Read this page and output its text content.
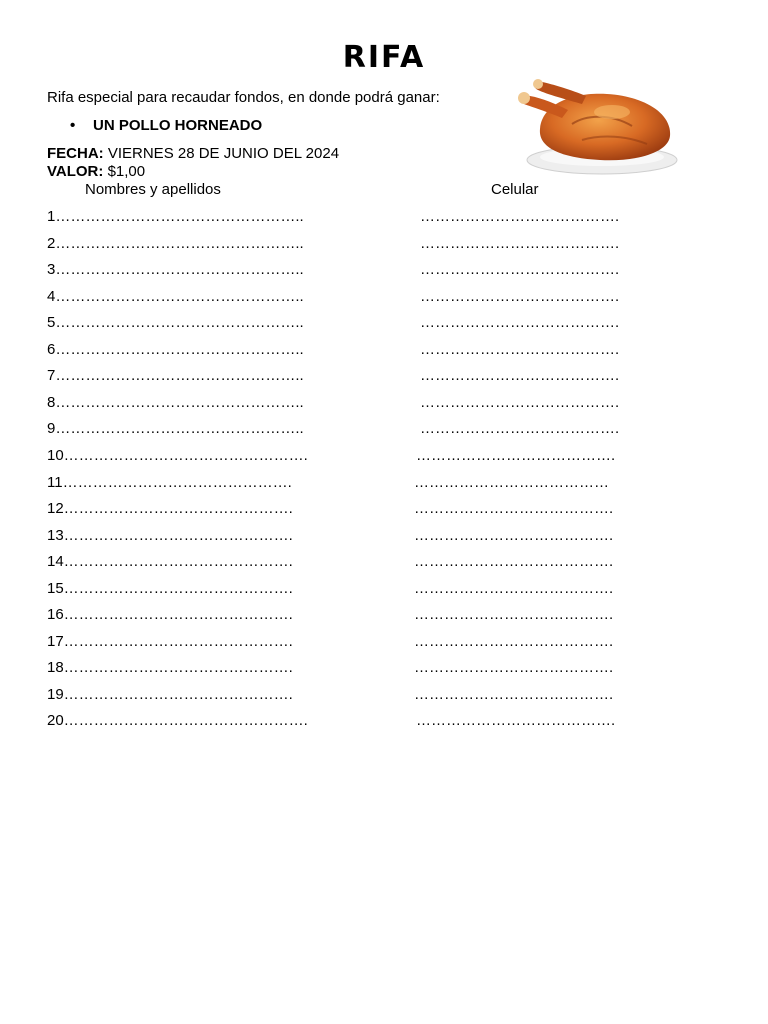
RIFA
Rifa especial para recaudar fondos, en donde podrá ganar:
• UN POLLO HORNEADO
FECHA: VIERNES 28 DE JUNIO DEL 2024
VALOR: $1,00
Nombres y apellidos	Celular
1…………………………………………..	………………………………….
2…………………………………………..	………………………………….
3…………………………………………..	………………………………….
4…………………………………………..	………………………………….
5…………………………………………..	………………………………….
6…………………………………………..	………………………………….
7…………………………………………..	………………………………….
8…………………………………………..	………………………………….
9…………………………………………..	………………………………….
10………………………………………….	………………………………….
11……………………………………….	…………………………………
12……………………………………….	………………………………….
13……………………………………….	………………………………….
14……………………………………….	………………………………….
15……………………………………….	………………………………….
16……………………………………….	………………………………….
17……………………………………….	………………………………….
18……………………………………….	………………………………….
19……………………………………….	………………………………….
20………………………………………….	………………………………….
